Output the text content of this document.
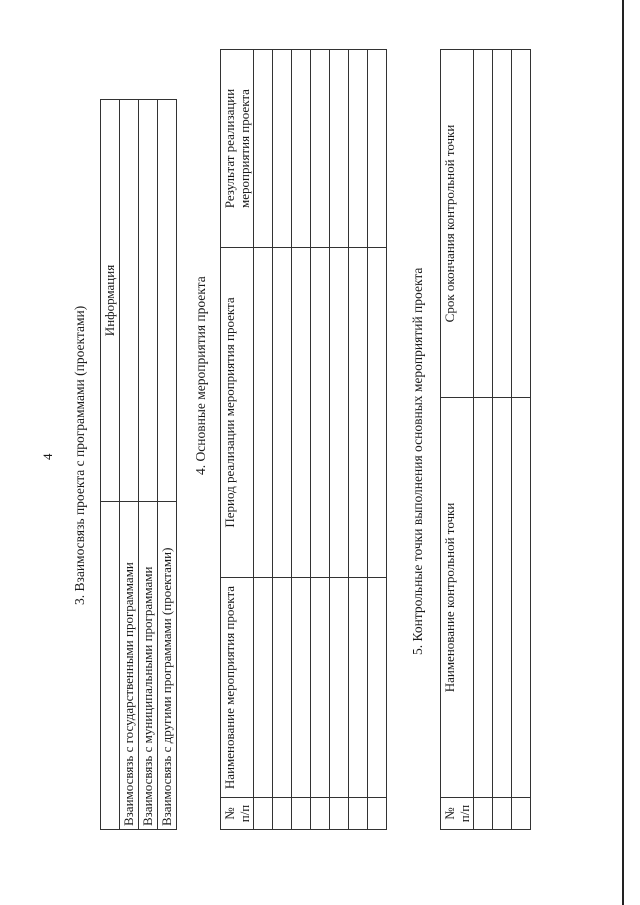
4 3. Взаимосвязь проекта с программами (проектами)
	Информация
Взаимосвязь с государственными программами	
Взаимосвязь с муниципальными программами	
Взаимосвязь с другими программами (проектами)	
4. Основные мероприятия проекта
№ п/п	Наименование мероприятия проекта	Период реализации мероприятия проекта	Результат реализации мероприятия проекта

5. Контрольные точки выполнения основных мероприятий проекта
№ п/п	Наименование контрольной точки	Срок окончания контрольной точки
